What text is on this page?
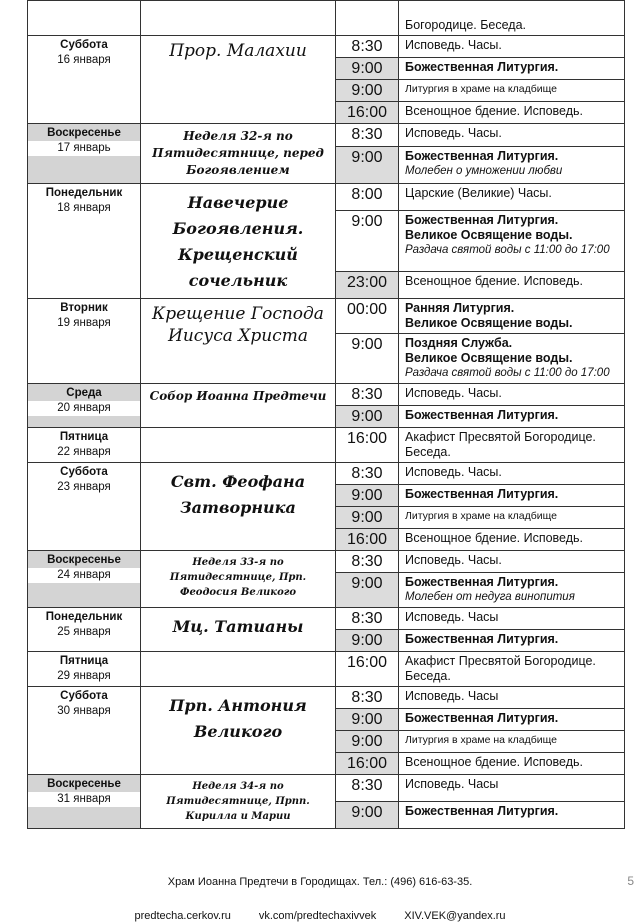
			Богородице. Беседа.

Суббота
16 января	Прор. Малахии	8:30	Исповедь. Часы.

		9:00	Божественная Литургия.

		9:00	Литургия в храме на кладбище

		16:00	Всенощное бдение. Исповедь.

Воскресенье
17 январь	Неделя 32-я по Пятидесятнице, перед Богоявлением	8:30	Исповедь. Часы.

		9:00	Божественная Литургия.
Молебен о умножении любви

Понедельник
18 января	Навечерие Богоявления. Крещенский сочельник	8:00	Царские (Великие) Часы.

		9:00	Божественная Литургия.
Великое Освящение воды.
Раздача святой воды с 11:00 до 17:00

		23:00	Всенощное бдение. Исповедь.

Вторник
19 января	Крещение Господа Иисуса Христа	00:00	Ранняя Литургия.
Великое Освящение воды.

		9:00	Поздняя Служба.
Великое Освящение воды.
Раздача святой воды с 11:00 до 17:00

Среда
20 января	Собор Иоанна Предтечи	8:30	Исповедь. Часы.

		9:00	Божественная Литургия.

Пятница
22 января		16:00	Акафист Пресвятой Богородице. Беседа.

Суббота
23 января	Свт. Феофана Затворника	8:30	Исповедь. Часы.

		9:00	Божественная Литургия.

		9:00	Литургия в храме на кладбище

		16:00	Всенощное бдение. Исповедь.

Воскресенье
24 января	Неделя 33-я по Пятидесятнице, Прп. Феодосия Великого	8:30	Исповедь. Часы.

		9:00	Божественная Литургия.
Молебен от недуга винопития

Понедельник
25 января	Мц. Татианы	8:30	Исповедь. Часы

		9:00	Божественная Литургия.

Пятница
29 января		16:00	Акафист Пресвятой Богородице. Беседа.

Суббота
30 января	Прп. Антония Великого	8:30	Исповедь. Часы

		9:00	Божественная Литургия.

		9:00	Литургия в храме на кладбище

		16:00	Всенощное бдение. Исповедь.

Воскресенье
31 января	Неделя 34-я по Пятидесятнице, Прпп. Кирилла и Марии	8:30	Исповедь. Часы

		9:00	Божественная Литургия.
Храм Иоанна Предтечи в Городищах. Тел.: (496) 616-63-35.
predtecha.cerkov.ru	vk.com/predtechaxivvek	XIV.VEK@yandex.ru
5
